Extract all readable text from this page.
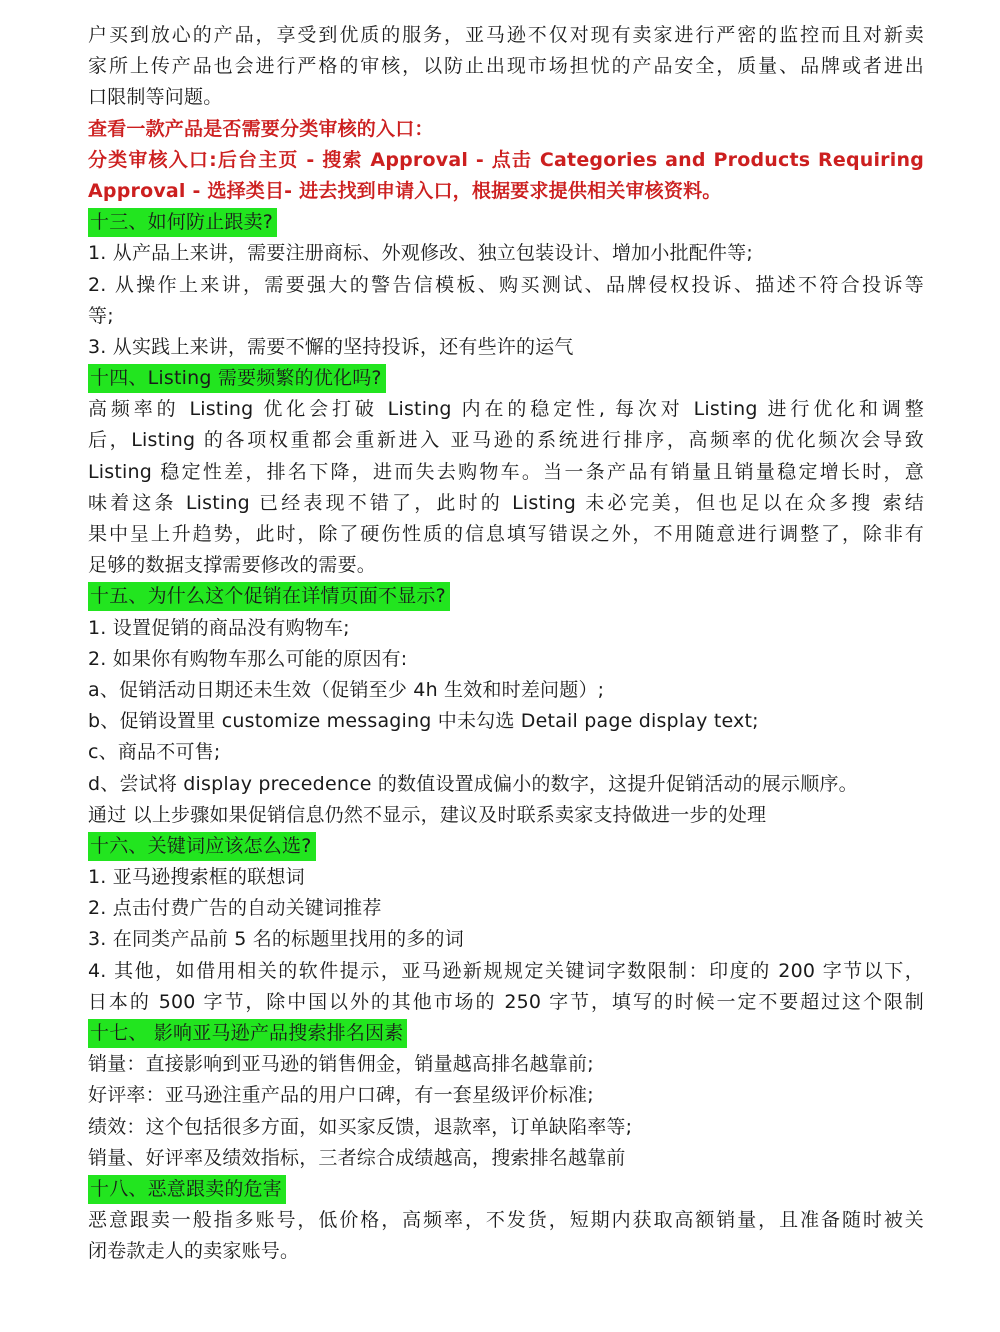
户买到放心的产品，享受到优质的服务，亚马逊不仅对现有卖家进行严密的监控而且对新卖
家所上传产品也会进行严格的审核，以防止出现市场担忧的产品安全，质量、品牌或者进出
口限制等问题。
查看一款产品是否需要分类审核的入口：
分类审核入口:后台主页 - 搜索 Approval - 点击 Categories and Products Requiring
Approval - 选择类目- 进去找到申请入口，根据要求提供相关审核资料。
十三、如何防止跟卖?
1. 从产品上来讲，需要注册商标、外观修改、独立包装设计、增加小批配件等;
2. 从操作上来讲，需要强大的警告信模板、购买测试、品牌侵权投诉、描述不符合投诉等
等;
3. 从实践上来讲，需要不懈的坚持投诉，还有些许的运气
十四、Listing 需要频繁的优化吗?
高频率的 Listing 优化会打破 Listing 内在的稳定性, 每次对 Listing 进行优化和调整
后，Listing 的各项权重都会重新进入 亚马逊的系统进行排序，高频率的优化频次会导致
Listing 稳定性差，排名下降，进而失去购物车。当一条产品有销量且销量稳定增长时，意
味着这条 Listing 已经表现不错了，此时的 Listing 未必完美，但也足以在众多搜 索结
果中呈上升趋势，此时，除了硬伤性质的信息填写错误之外，不用随意进行调整了，除非有
足够的数据支撑需要修改的需要。
十五、为什么这个促销在详情页面不显示?
1. 设置促销的商品没有购物车;
2. 如果你有购物车那么可能的原因有:
a、促销活动日期还未生效（促销至少 4h 生效和时差问题）;
b、促销设置里 customize messaging 中未勾选 Detail page display text;
c、商品不可售;
d、尝试将 display precedence 的数值设置成偏小的数字，这提升促销活动的展示顺序。
通过 以上步骤如果促销信息仍然不显示，建议及时联系卖家支持做进一步的处理
十六、关键词应该怎么选?
1. 亚马逊搜索框的联想词
2. 点击付费广告的自动关键词推荐
3. 在同类产品前 5 名的标题里找用的多的词
4. 其他，如借用相关的软件提示，亚马逊新规规定关键词字数限制：印度的 200 字节以下，
日本的 500 字节，除中国以外的其他市场的 250 字节，填写的时候一定不要超过这个限制
十七、 影响亚马逊产品搜索排名因素
销量：直接影响到亚马逊的销售佣金，销量越高排名越靠前;
好评率：亚马逊注重产品的用户口碑，有一套星级评价标准;
绩效：这个包括很多方面，如买家反馈，退款率，订单缺陷率等;
销量、好评率及绩效指标，三者综合成绩越高，搜索排名越靠前
十八、恶意跟卖的危害
恶意跟卖一般指多账号，低价格，高频率，不发货，短期内获取高额销量，且准备随时被关
闭卷款走人的卖家账号。
